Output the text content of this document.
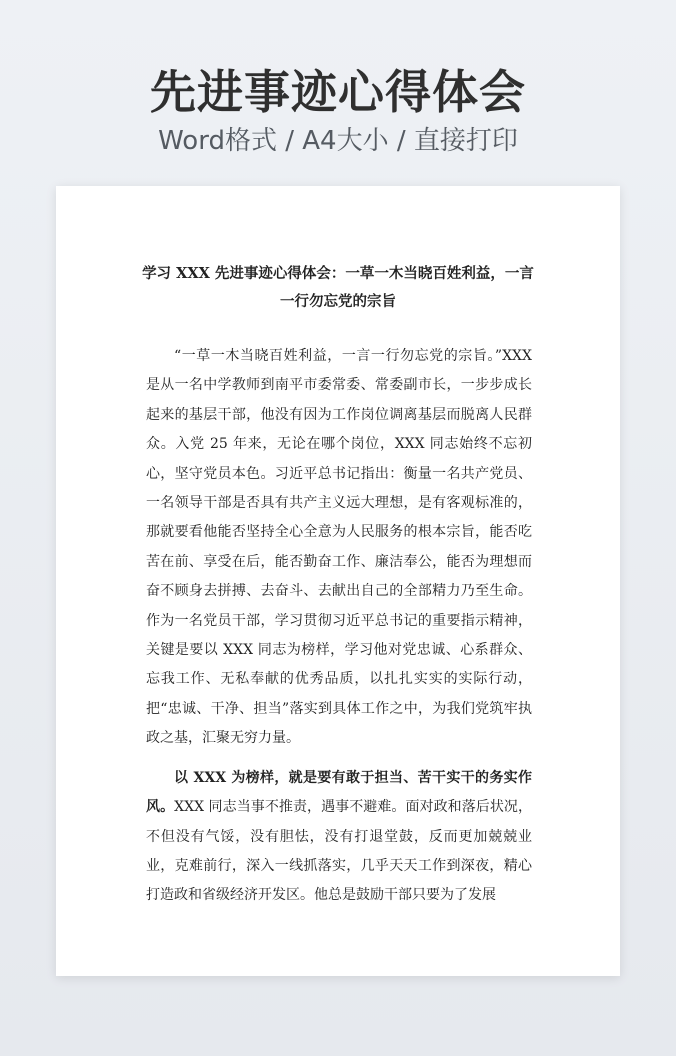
先进事迹心得体会
Word格式 / A4大小 / 直接打印
学习 XXX 先进事迹心得体会：一草一木当晓百姓利益，一言一行勿忘党的宗旨

“一草一木当晓百姓利益，一言一行勿忘党的宗旨。”XXX 是从一名中学教师到南平市委常委、常委副市长，一步步成长起来的基层干部，他没有因为工作岗位调离基层而脱离人民群众。入党 25 年来，无论在哪个岗位，XXX 同志始终不忘初心，坚守党员本色。习近平总书记指出：衡量一名共产党员、一名领导干部是否具有共产主义远大理想，是有客观标准的，那就要看他能否坚持全心全意为人民服务的根本宗旨，能否吃苦在前、享受在后，能否勤奋工作、廉洁奉公，能否为理想而奋不顾身去拼搏、去奋斗、去献出自己的全部精力乃至生命。作为一名党员干部，学习贯彻习近平总书记的重要指示精神，关键是要以 XXX 同志为榜样，学习他对党忠诚、心系群众、忘我工作、无私奉献的优秀品质，以扎扎实实的实际行动，把“忠诚、干净、担当”落实到具体工作之中，为我们党筑牢执政之基，汇聚无穷力量。

以 XXX 为榜样，就是要有敢于担当、苦干实干的务实作风。XXX 同志当事不推责，遇事不避难。面对政和落后状况，不但没有气馁，没有胆怯，没有打退堂鼓，反而更加兢兢业业，克难前行，深入一线抓落实，几乎天天工作到深夜，精心打造政和省级经济开发区。他总是鼓励干部只要为了发展
